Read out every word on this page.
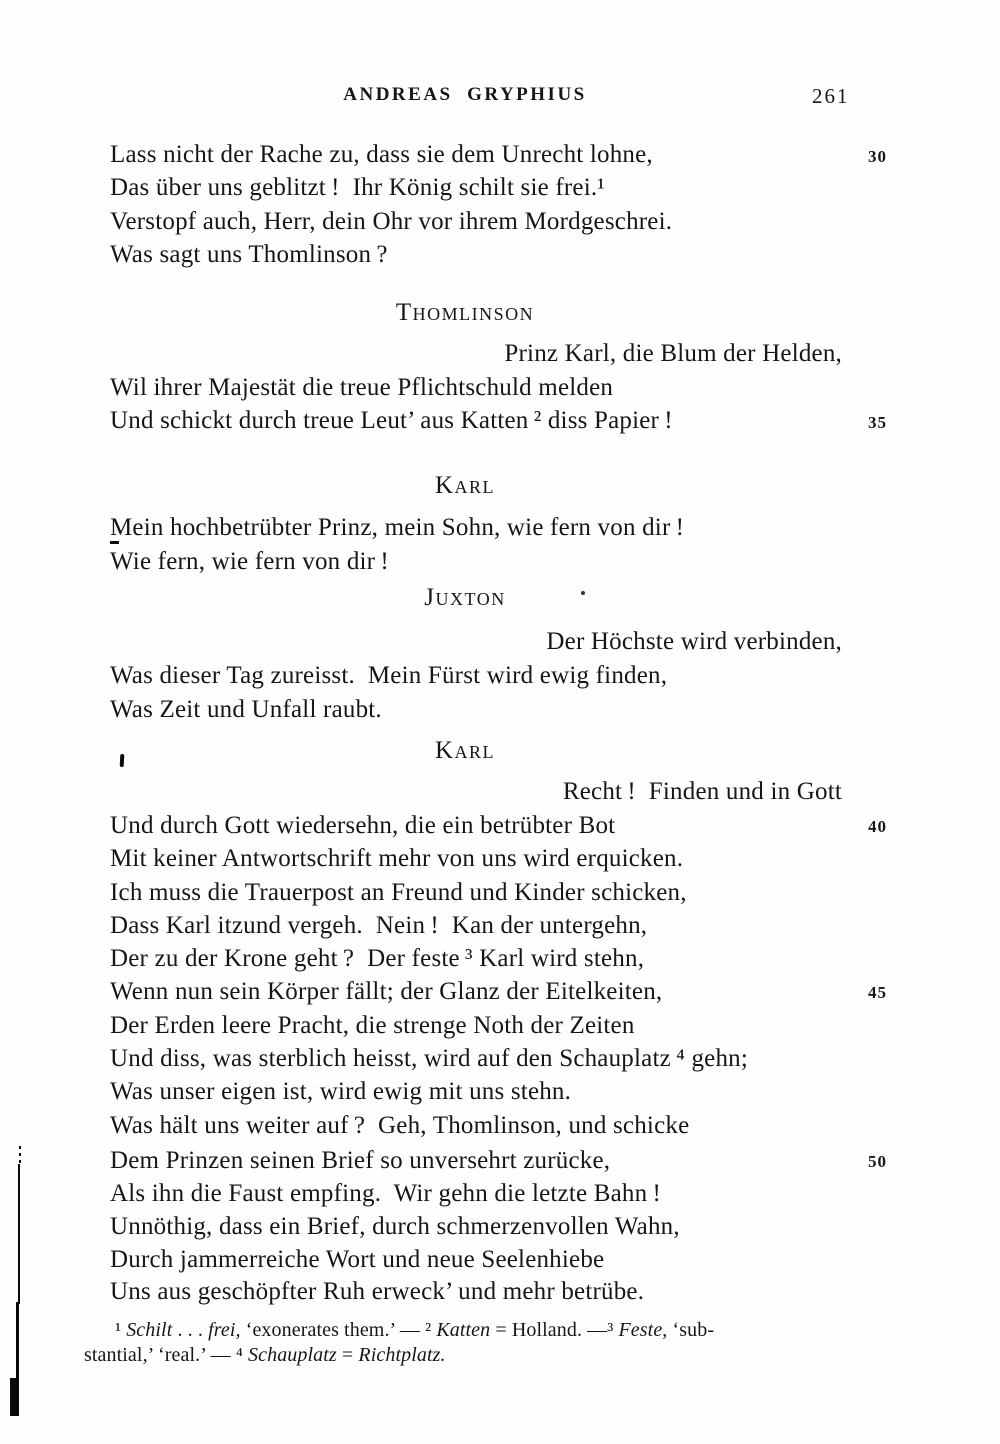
ANDREAS  GRYPHIUS	261
Lass nicht der Rache zu, dass sie dem Unrecht lohne,	30
Das über uns geblitzt !  Ihr König schilt sie frei.¹
Verstopf auch, Herr, dein Ohr vor ihrem Mordgeschrei.
Was sagt uns Thomlinson ?
Thomlinson
Prinz Karl, die Blum der Helden,
Wil ihrer Majestät die treue Pflichtschuld melden
Und schickt durch treue Leut’ aus Katten ² diss Papier !	35
Karl
Mein hochbetrübter Prinz, mein Sohn, wie fern von dir !
Wie fern, wie fern von dir !
Juxton
Der Höchste wird verbinden,
Was dieser Tag zureisst.  Mein Fürst wird ewig finden,
Was Zeit und Unfall raubt.
Karl
Recht !  Finden und in Gott
Und durch Gott wiedersehn, die ein betrübter Bot	40
Mit keiner Antwortschrift mehr von uns wird erquicken.
Ich muss die Trauerpost an Freund und Kinder schicken,
Dass Karl itzund vergeh.  Nein !  Kan der untergehn,
Der zu der Krone geht ?  Der feste ³ Karl wird stehn,
Wenn nun sein Körper fällt; der Glanz der Eitelkeiten,	45
Der Erden leere Pracht, die strenge Noth der Zeiten
Und diss, was sterblich heisst, wird auf den Schauplatz ⁴ gehn;
Was unser eigen ist, wird ewig mit uns stehn.
Was hält uns weiter auf ?  Geh, Thomlinson, und schicke
Dem Prinzen seinen Brief so unversehrt zurücke,	50
Als ihn die Faust empfing.  Wir gehn die letzte Bahn !
Unnöthig, dass ein Brief, durch schmerzenvollen Wahn,
Durch jammerreiche Wort und neue Seelenhiebe
Uns aus geschöpfter Ruh erweck’ und mehr betrübe.
¹ Schilt . . . frei, ‘exonerates them.’ — ² Katten = Holland. —³ Feste, ‘sub-
stantial,’ ‘real.’ — ⁴ Schauplatz = Richtplatz.
